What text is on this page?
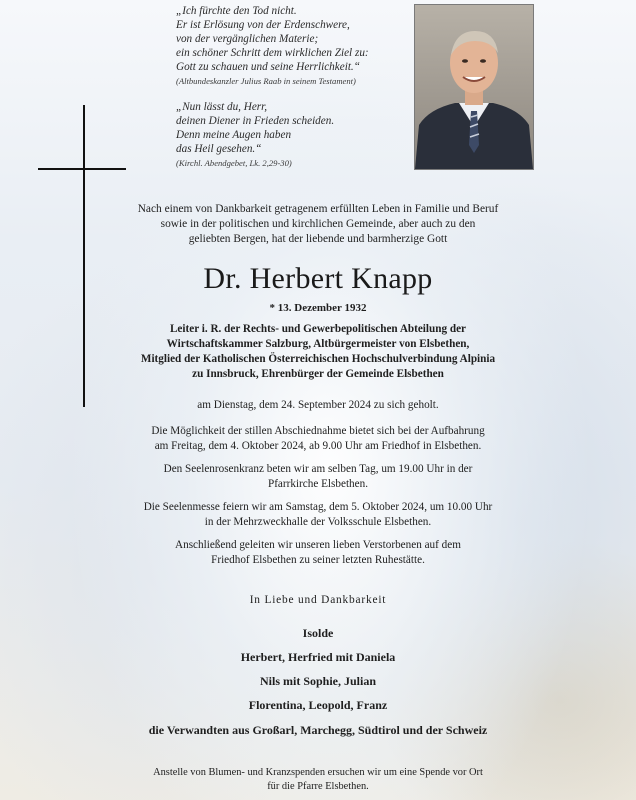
„Ich fürchte den Tod nicht.
Er ist Erlösung von der Erdenschwere,
von der vergänglichen Materie;
ein schöner Schritt dem wirklichen Ziel zu:
Gott zu schauen und seine Herrlichkeit.“
(Altbundeskanzler Julius Raab in seinem Testament)
„Nun lässt du, Herr,
deinen Diener in Frieden scheiden.
Denn meine Augen haben
das Heil gesehen.“
(Kirchl. Abendgebet, Lk. 2,29-30)
Nach einem von Dankbarkeit getragenem erfüllten Leben in Familie und Beruf
sowie in der politischen und kirchlichen Gemeinde, aber auch zu den
geliebten Bergen, hat der liebende und barmherzige Gott
Dr. Herbert Knapp
* 13. Dezember 1932
Leiter i. R. der Rechts- und Gewerbepolitischen Abteilung der
Wirtschaftskammer Salzburg, Altbürgermeister von Elsbethen,
Mitglied der Katholischen Österreichischen Hochschulverbindung Alpinia
zu Innsbruck, Ehrenbürger der Gemeinde Elsbethen
am Dienstag, dem 24. September 2024 zu sich geholt.
Die Möglichkeit der stillen Abschiednahme bietet sich bei der Aufbahrung
am Freitag, dem 4. Oktober 2024, ab 9.00 Uhr am Friedhof in Elsbethen.
Den Seelenrosenkranz beten wir am selben Tag, um 19.00 Uhr in der
Pfarrkirche Elsbethen.
Die Seelenmesse feiern wir am Samstag, dem 5. Oktober 2024, um 10.00 Uhr
in der Mehrzweckhalle der Volksschule Elsbethen.
Anschließend geleiten wir unseren lieben Verstorbenen auf dem
Friedhof Elsbethen zu seiner letzten Ruhestätte.
In Liebe und Dankbarkeit
Isolde
Herbert, Herfried mit Daniela
Nils mit Sophie, Julian
Florentina, Leopold, Franz
die Verwandten aus Großarl, Marchegg, Südtirol und der Schweiz
Anstelle von Blumen- und Kranzspenden ersuchen wir um eine Spende vor Ort
für die Pfarre Elsbethen.
